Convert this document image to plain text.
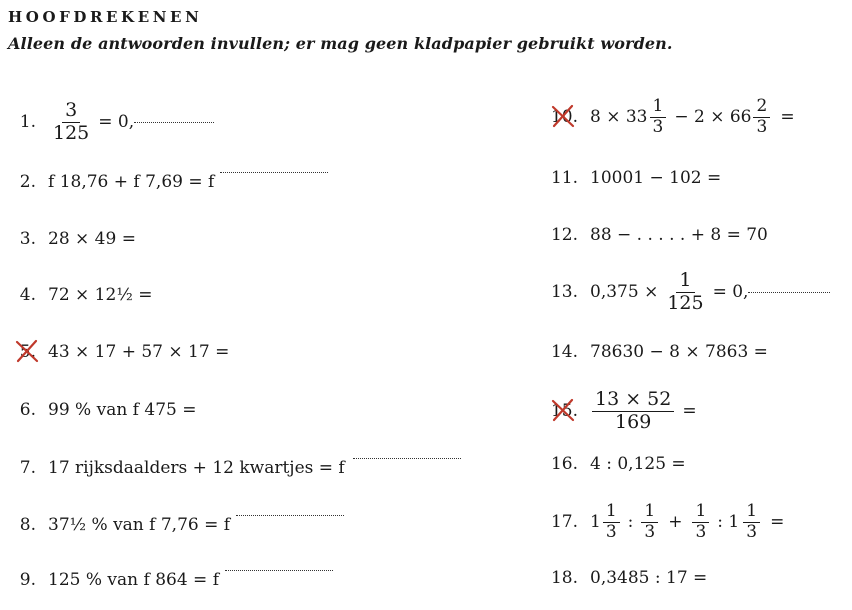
HOOFDREKENEN
Alleen de antwoorden invullen; er mag geen kladpapier gebruikt worden.
1. $\frac{3}{125} = 0$,
2. f 18,76 + f 7,69 = f
3. 28 × 49 =
4. 72 × 12½ =
5. 43 × 17 + 57 × 17 =
6. 99 % van f 475 =
7. 17 rijksdaalders + 12 kwartjes = f
8. 37½ % van f 7,76 = f
9. 125 % van f 864 = f
10. $8 \times 33 \frac{1}{3} - 2 \times 66 \frac{2}{3}$ =
11. 10001 − 102 =
12. 88 − . . . . . + 8 = 70
13. $0,375 \times \frac{1}{125} = 0$,
14. 78630 − 8 × 7863 =
15. $\frac{13 \times 52}{169}$ =
16. 4 : 0,125 =
17. $1 \frac{1}{3}$ : $\frac{1}{3} + \frac{1}{3}$ : $1 \frac{1}{3}$ =
18. 0,3485 : 17 =
